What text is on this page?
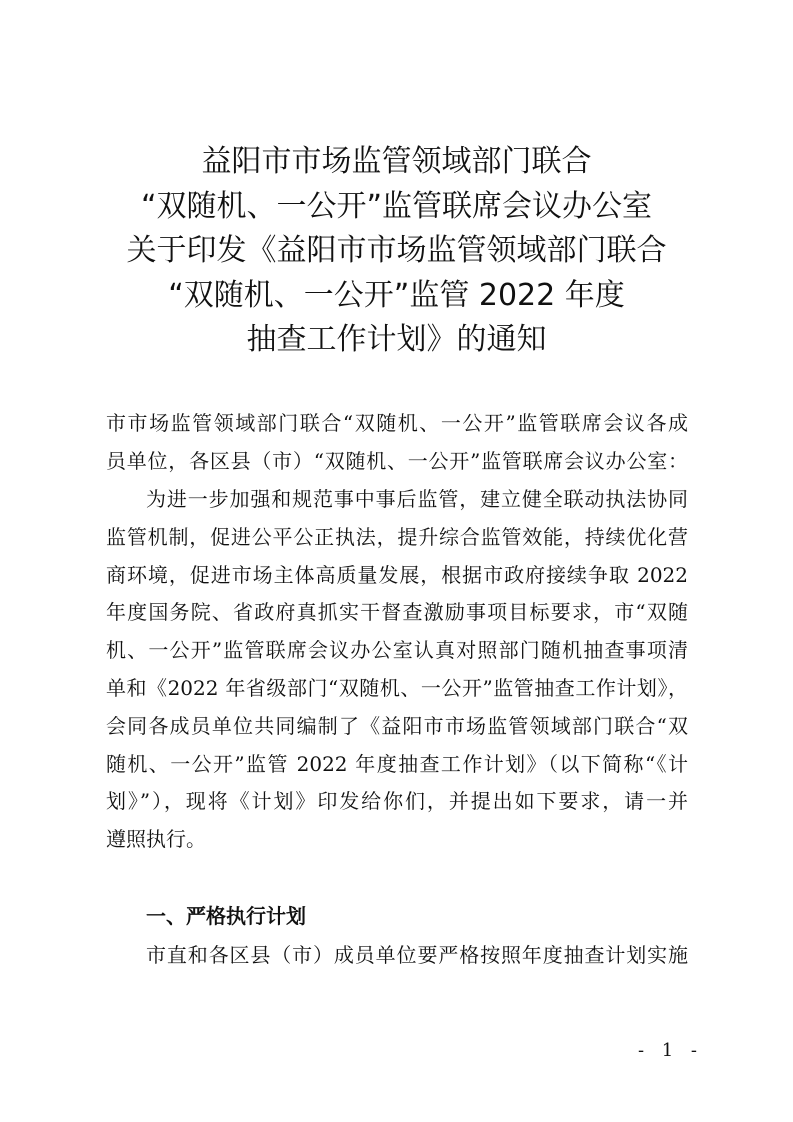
益阳市市场监管领域部门联合
“双随机、一公开”监管联席会议办公室
关于印发《益阳市市场监管领域部门联合
“双随机、一公开”监管 2022 年度
抽查工作计划》的通知
市市场监管领域部门联合“双随机、一公开”监管联席会议各成
员单位，各区县（市）“双随机、一公开”监管联席会议办公室：
为进一步加强和规范事中事后监管，建立健全联动执法协同
监管机制，促进公平公正执法，提升综合监管效能，持续优化营
商环境，促进市场主体高质量发展，根据市政府接续争取 2022
年度国务院、省政府真抓实干督查激励事项目标要求，市“双随
机、一公开”监管联席会议办公室认真对照部门随机抽查事项清
单和《2022 年省级部门“双随机、一公开”监管抽查工作计划》，
会同各成员单位共同编制了《益阳市市场监管领域部门联合“双
随机、一公开”监管 2022 年度抽查工作计划》（以下简称“《计
划》”），现将《计划》印发给你们，并提出如下要求，请一并
遵照执行。
一、严格执行计划
市直和各区县（市）成员单位要严格按照年度抽查计划实施
- 1 -
